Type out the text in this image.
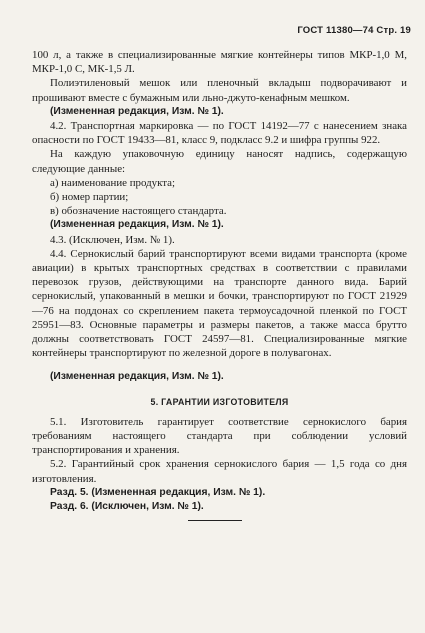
ГОСТ 11380—74 Стр. 19

100 л, а также в специализированные мягкие контейнеры типов МКР-1,0 М, МКР-1,0 С, МК-1,5 Л.

Полиэтиленовый мешок или пленочный вкладыш подворачивают и прошивают вместе с бумажным или льно-джуто-кенафным мешком.

(Измененная редакция, Изм. № 1).

4.2. Транспортная маркировка — по ГОСТ 14192—77 с нанесением знака опасности по ГОСТ 19433—81, класс 9, подкласс 9.2 и шифра группы 922.

На каждую упаковочную единицу наносят надпись, содержащую следующие данные:

а) наименование продукта;

б) номер партии;

в) обозначение настоящего стандарта.

(Измененная редакция, Изм. № 1).

4.3. (Исключен, Изм. № 1).

4.4. Сернокислый барий транспортируют всеми видами транспорта (кроме авиации) в крытых транспортных средствах в соответствии с правилами перевозок грузов, действующими на транспорте данного вида. Барий сернокислый, упакованный в мешки и бочки, транспортируют по ГОСТ 21929—76 на поддонах со скреплением пакета термоусадочной пленкой по ГОСТ 25951—83. Основные параметры и размеры пакетов, а также масса брутто должны соответствовать ГОСТ 24597—81. Специализированные мягкие контейнеры транспортируют по железной дороге в полувагонах.

(Измененная редакция, Изм. № 1).

5. ГАРАНТИИ ИЗГОТОВИТЕЛЯ

5.1. Изготовитель гарантирует соответствие сернокислого бария требованиям настоящего стандарта при соблюдении условий транспортирования и хранения.

5.2. Гарантийный срок хранения сернокислого бария — 1,5 года со дня изготовления.

Разд. 5. (Измененная редакция, Изм. № 1).

Разд. 6. (Исключен, Изм. № 1).
